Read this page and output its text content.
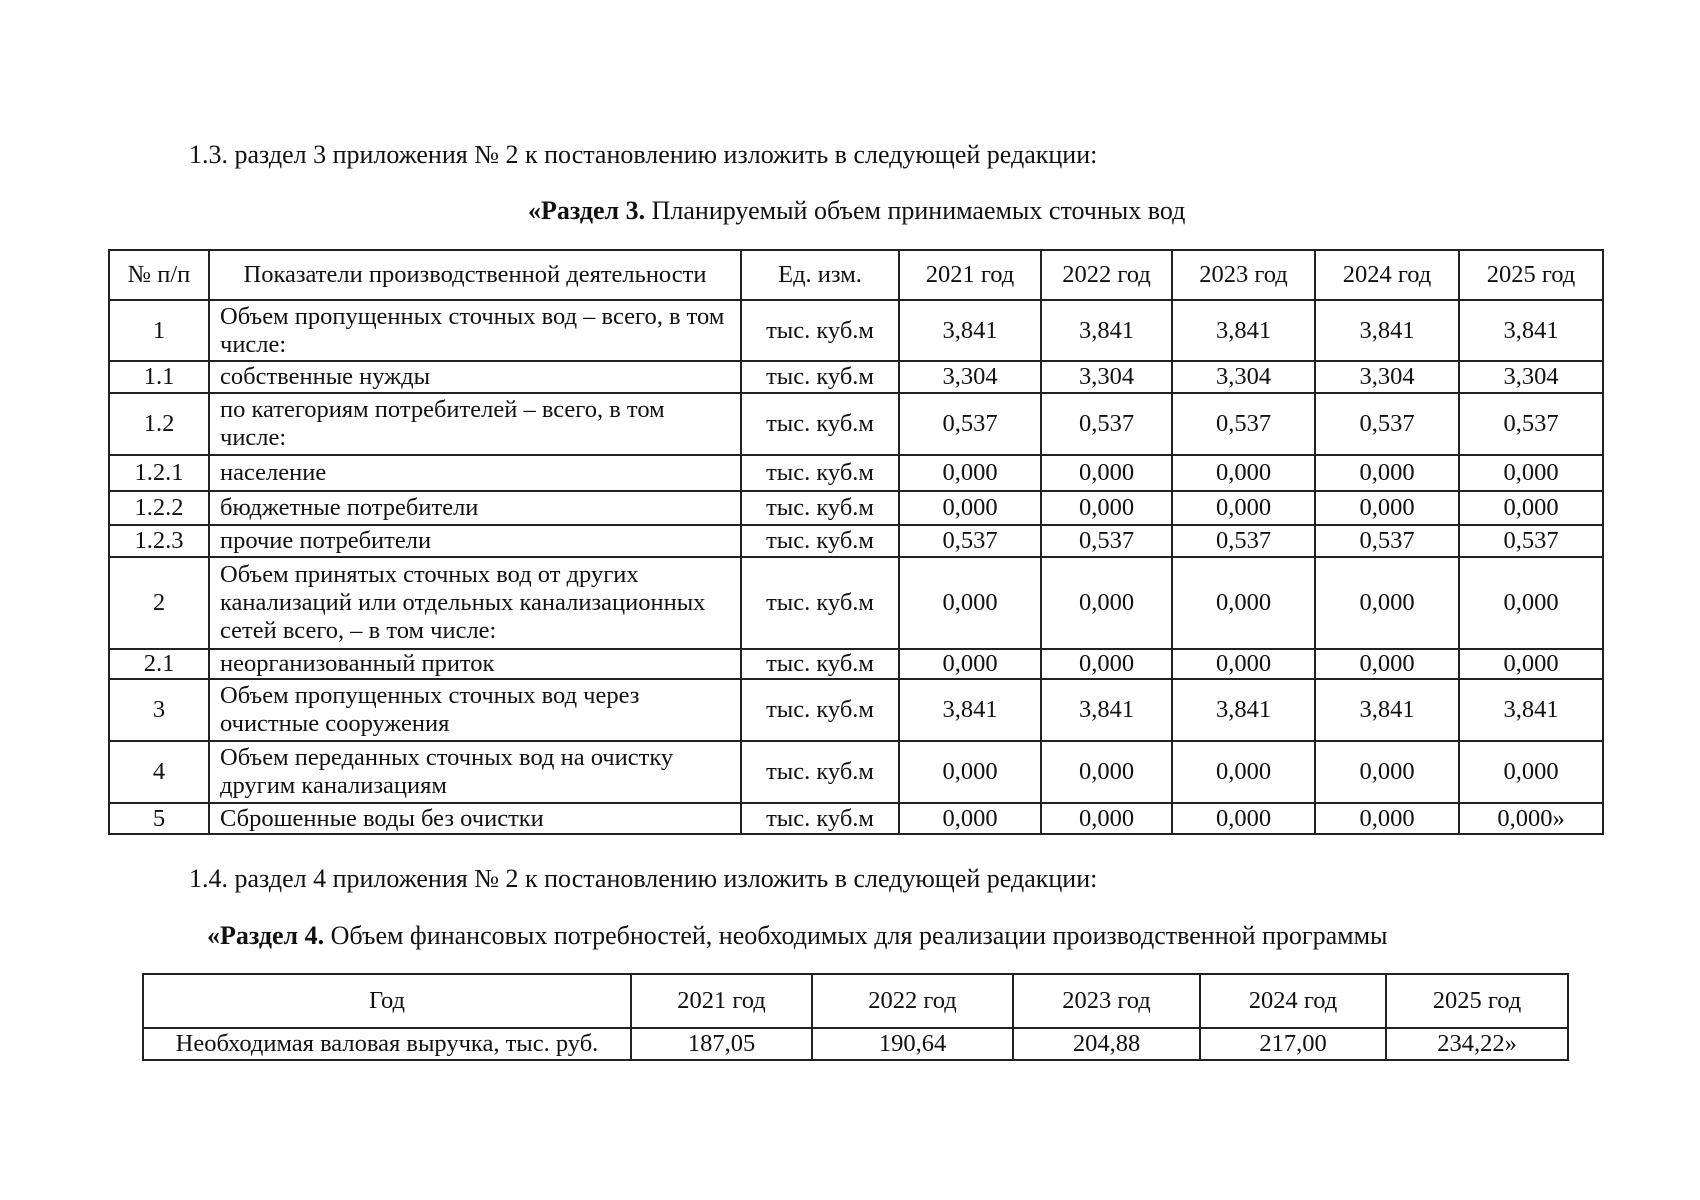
1.3. раздел 3 приложения № 2 к постановлению изложить в следующей редакции:
«Раздел 3. Планируемый объем принимаемых сточных вод
№ п/п	Показатели производственной деятельности	Ед. изм.	2021 год	2022 год	2023 год	2024 год	2025 год
1	Объем пропущенных сточных вод – всего, в том числе:	тыс. куб.м	3,841	3,841	3,841	3,841	3,841
1.1	собственные нужды	тыс. куб.м	3,304	3,304	3,304	3,304	3,304
1.2	по категориям потребителей – всего, в том числе:	тыс. куб.м	0,537	0,537	0,537	0,537	0,537
1.2.1	население	тыс. куб.м	0,000	0,000	0,000	0,000	0,000
1.2.2	бюджетные потребители	тыс. куб.м	0,000	0,000	0,000	0,000	0,000
1.2.3	прочие потребители	тыс. куб.м	0,537	0,537	0,537	0,537	0,537
2	Объем принятых сточных вод от других канализаций или отдельных канализационных сетей всего, – в том числе:	тыс. куб.м	0,000	0,000	0,000	0,000	0,000
2.1	неорганизованный приток	тыс. куб.м	0,000	0,000	0,000	0,000	0,000
3	Объем пропущенных сточных вод через очистные сооружения	тыс. куб.м	3,841	3,841	3,841	3,841	3,841
4	Объем переданных сточных вод на очистку другим канализациям	тыс. куб.м	0,000	0,000	0,000	0,000	0,000
5	Сброшенные воды без очистки	тыс. куб.м	0,000	0,000	0,000	0,000	0,000»
1.4. раздел 4 приложения № 2 к постановлению изложить в следующей редакции:
«Раздел 4. Объем финансовых потребностей, необходимых для реализации производственной программы
Год	2021 год	2022 год	2023 год	2024 год	2025 год
Необходимая валовая выручка, тыс. руб.	187,05	190,64	204,88	217,00	234,22»
